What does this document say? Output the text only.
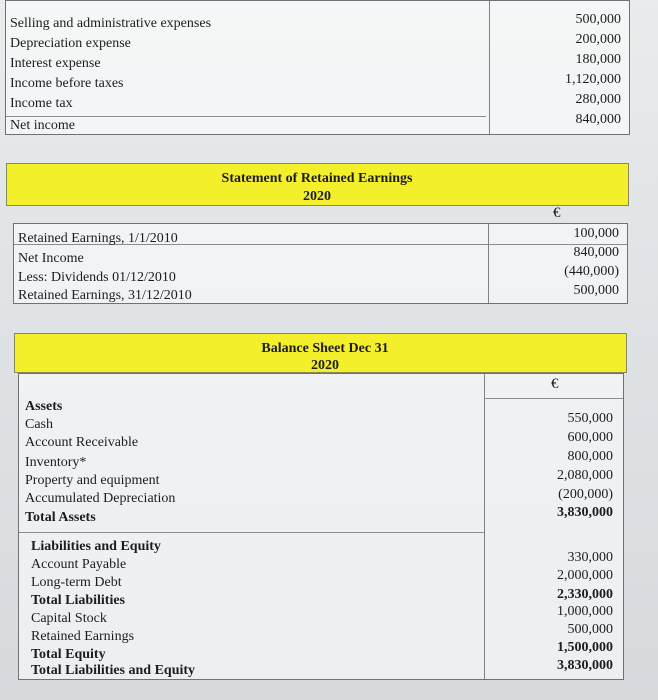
Selling and administrative expenses
Depreciation expense
Interest expense
Income before taxes
Income tax
Net income
500,000
200,000
180,000
1,120,000
280,000
840,000
Statement of Retained Earnings
2020
€
Retained Earnings, 1/1/2010
Net Income
Less: Dividends 01/12/2010
Retained Earnings, 31/12/2010
100,000
840,000
(440,000)
500,000
Balance Sheet Dec 31
2020
€
Assets
Cash
Account Receivable
Inventory*
Property and equipment
Accumulated Depreciation
Total Assets
550,000
600,000
800,000
2,080,000
(200,000)
3,830,000
Liabilities and Equity
Account Payable
Long-term Debt
Total Liabilities
Capital Stock
Retained Earnings
Total Equity
Total Liabilities and Equity
330,000
2,000,000
2,330,000
1,000,000
500,000
1,500,000
3,830,000
